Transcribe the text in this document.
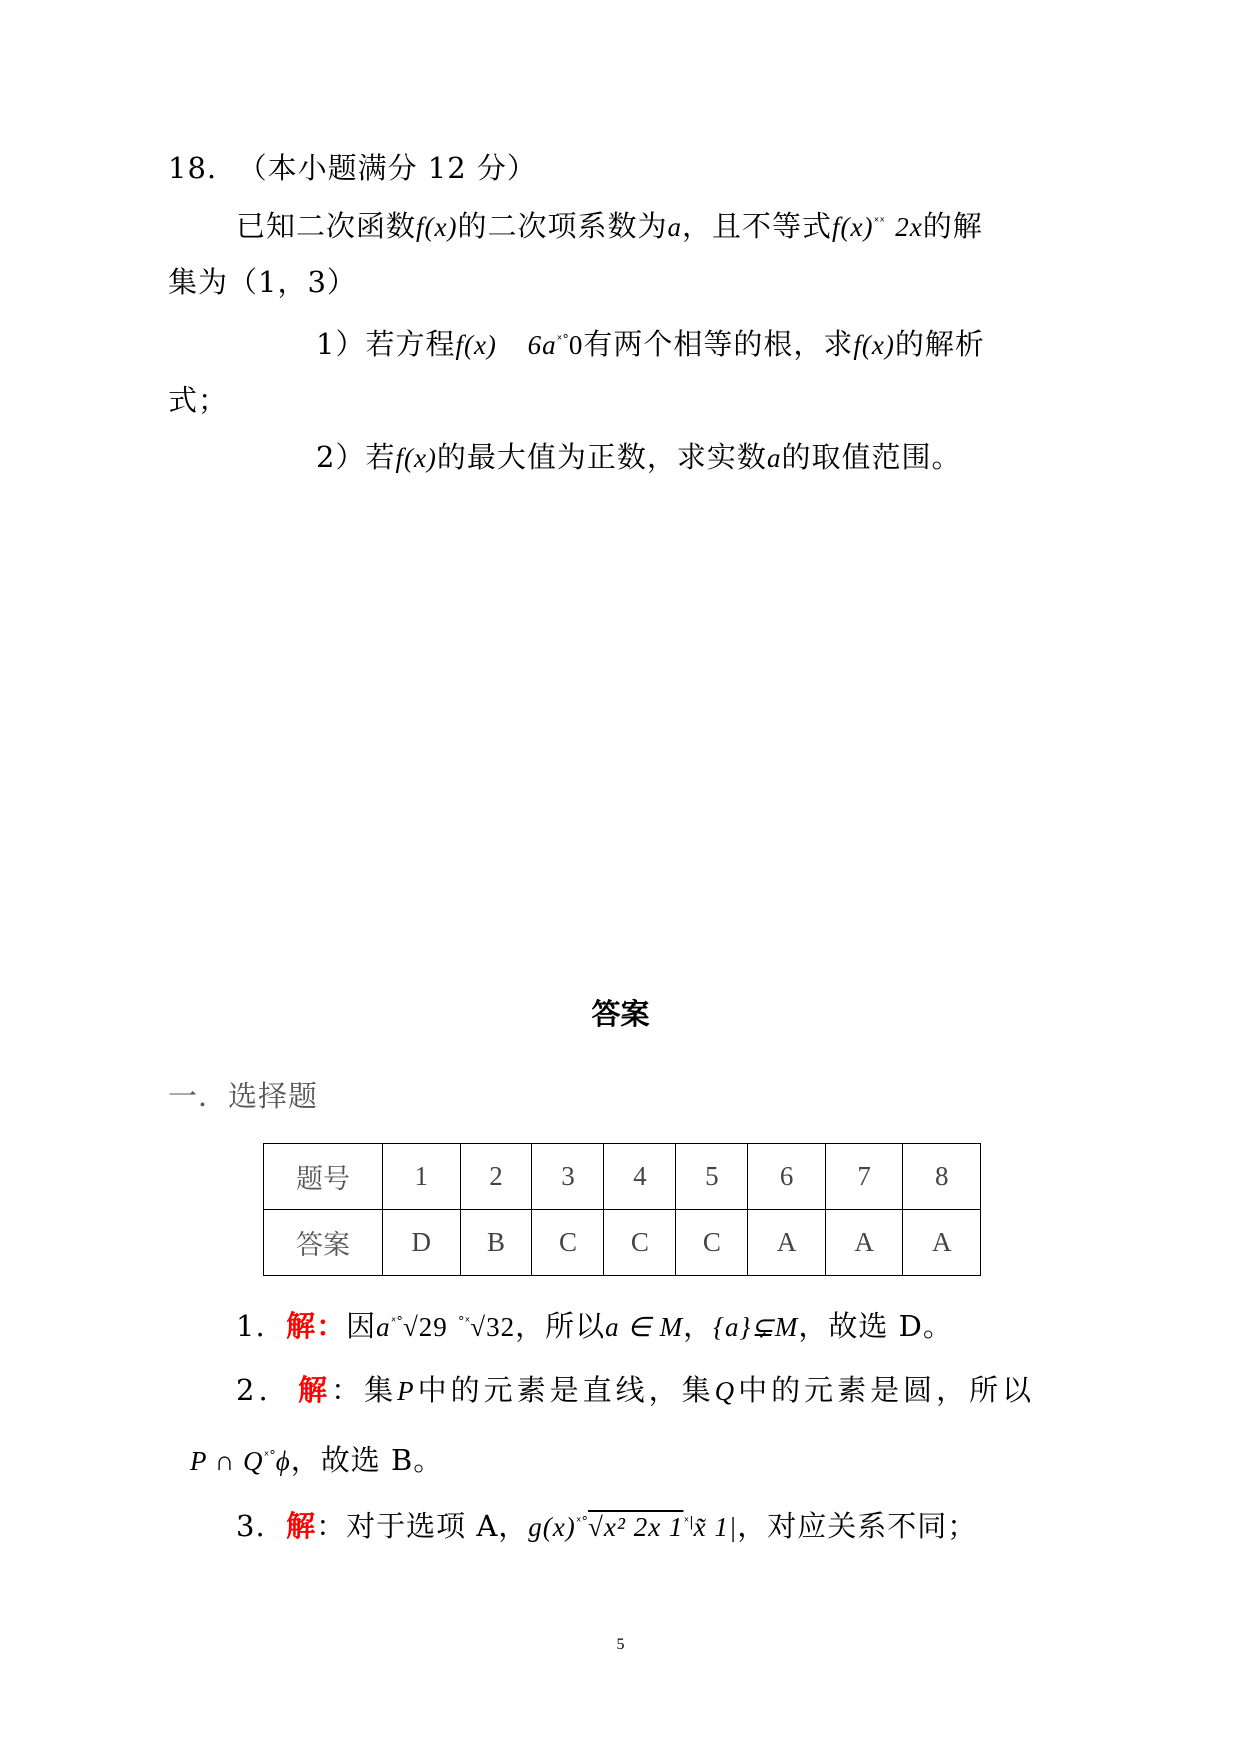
18. （本小题满分 12 分）
已知二次函数f(x)的二次项系数为a，且不等式$f(x)^{ˣˣ}$ 2x的解
集为（1，3）
1）若方程f(x) $6a^{ˣ^\circ}0$有两个相等的根，求f(x)的解析
式；
2）若f(x)的最大值为正数，求实数a的取值范围。
答案
一．选择题
题号	1	2	3	4	5	6	7	8
答案	D	B	C	C	C	A	A	A
1. 解：因$a^{ˣ^\circ}√29$ $^{^\circ ˣ}$√32，所以a ∈ M，{a}⊊M，故选 D。
2. 解：集P中的元素是直线，集Q中的元素是圆，所以
P ∩ $Q^{ˣ^\circ}\phi$，故选 B。
3. 解：对于选项 A，$g(x)^{ˣ^\circ}√x^2$ 2x $1^{ˣ|}x̃$ 1|，对应关系不同；
5
